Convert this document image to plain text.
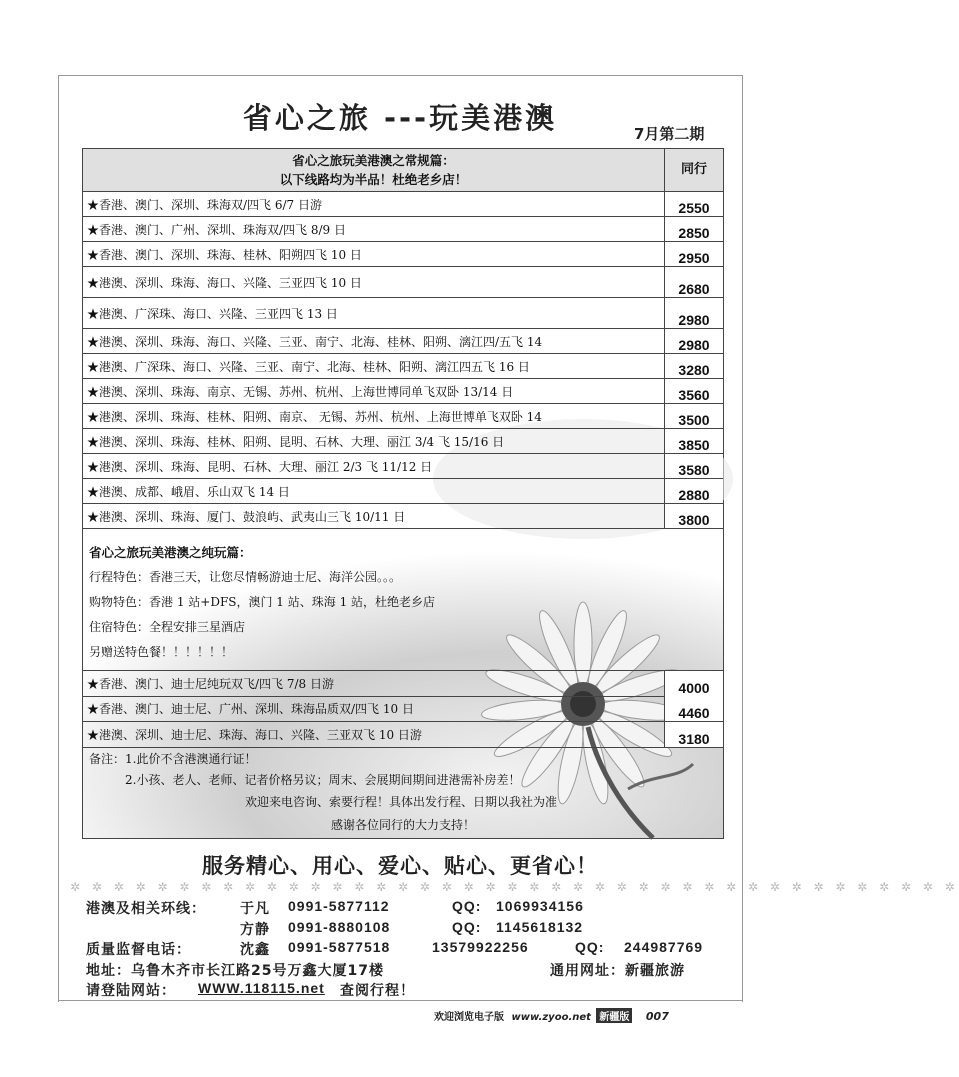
省心之旅 ---玩美港澳	7月第二期
省心之旅玩美港澳之常规篇：
以下线路均为半品！杜绝老乡店！
同行
★香港、澳门、深圳、珠海双/四飞 6/7 日游	2550
★香港、澳门、广州、深圳、珠海双/四飞 8/9 日	2850
★香港、澳门、深圳、珠海、桂林、阳朔四飞 10 日	2950
★港澳、深圳、珠海、海口、兴隆、三亚四飞 10 日	2680
★港澳、广深珠、海口、兴隆、三亚四飞 13 日	2980
★港澳、深圳、珠海、海口、兴隆、三亚、南宁、北海、桂林、阳朔、漓江四/五飞 14	2980
★港澳、广深珠、海口、兴隆、三亚、南宁、北海、桂林、阳朔、漓江四五飞 16 日	3280
★港澳、深圳、珠海、南京、无锡、苏州、杭州、上海世博同单飞双卧 13/14 日	3560
★港澳、深圳、珠海、桂林、阳朔、南京、 无锡、苏州、杭州、上海世博单飞双卧 14	3500
★港澳、深圳、珠海、桂林、阳朔、昆明、石林、大理、丽江 3/4 飞 15/16 日	3850
★港澳、深圳、珠海、昆明、石林、大理、丽江 2/3 飞 11/12 日	3580
★港澳、成都、峨眉、乐山双飞 14 日	2880
★港澳、深圳、珠海、厦门、鼓浪屿、武夷山三飞 10/11 日	3800
省心之旅玩美港澳之纯玩篇：
行程特色：香港三天，让您尽情畅游迪士尼、海洋公园。。。
购物特色：香港 1 站+DFS，澳门 1 站、珠海 1 站，杜绝老乡店
住宿特色：全程安排三星酒店
另赠送特色餐！！！！！！
★香港、澳门、迪士尼纯玩双飞/四飞 7/8 日游	4000
★香港、澳门、迪士尼、广州、深圳、珠海品质双/四飞 10 日	4460
★港澳、深圳、迪士尼、珠海、海口、兴隆、三亚双飞 10 日游	3180
备注：1.此价不含港澳通行证！
2.小孩、老人、老师、记者价格另议；周末、会展期间期间进港需补房差！
欢迎来电咨询、索要行程！具体出发行程、日期以我社为准
感谢各位同行的大力支持！
服务精心、用心、爱心、贴心、更省心！
✲ ✲ ✲ ✲ ✲ ✲ ✲ ✲ ✲ ✲ ✲ ✲ ✲ ✲ ✲ ✲ ✲ ✲ ✲ ✲ ✲ ✲ ✲ ✲ ✲ ✲ ✲ ✲ ✲ ✲ ✲ ✲ ✲ ✲ ✲ ✲ ✲ ✲ ✲ ✲ ✲
港澳及相关环线： 于凡 0991-5877112	QQ: 1069934156
方静 0991-8880108	QQ: 1145618132
质量监督电话：	沈鑫 0991-5877518	13579922256	QQ: 244987769
地址：乌鲁木齐市长江路25号万鑫大厦17楼	通用网址：新疆旅游
请登陆网站： WWW.118115.net 查阅行程！
欢迎浏览电子版 www.zyoo.net 新疆版 007
